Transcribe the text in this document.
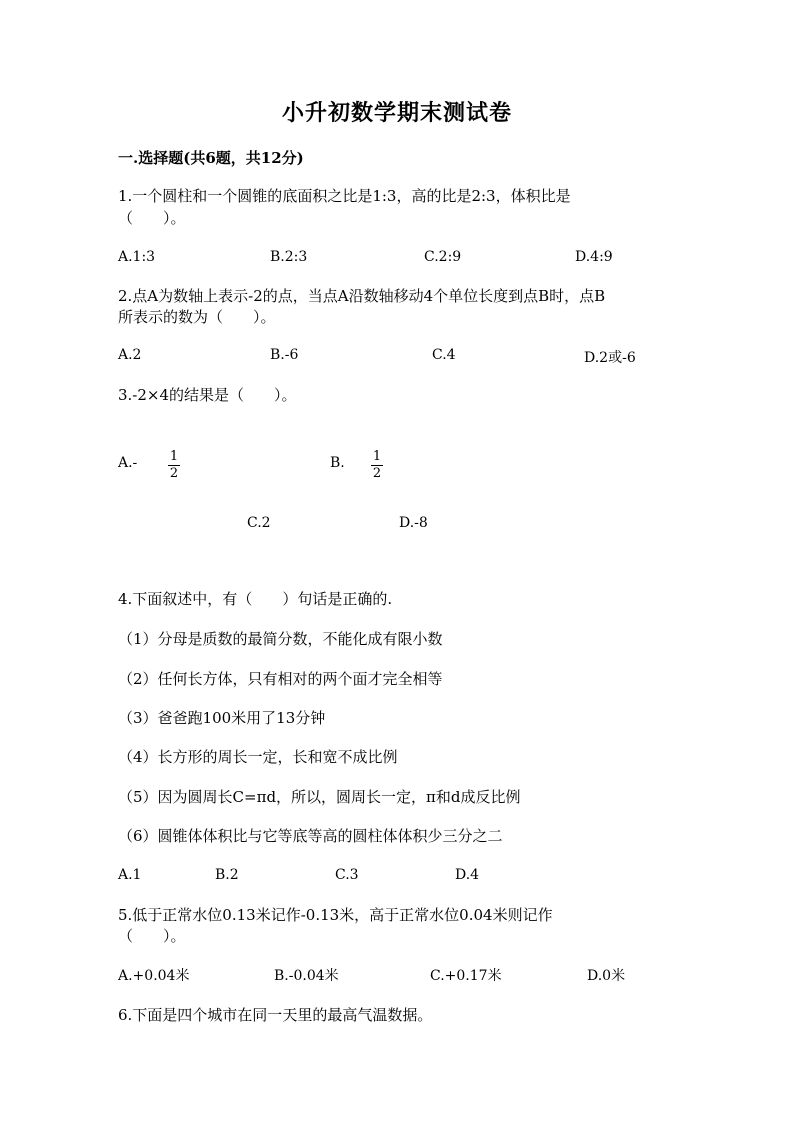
小升初数学期末测试卷
一.选择题(共6题，共12分)
1.一个圆柱和一个圆锥的底面积之比是1:3，高的比是2:3，体积比是
（　　）。
A.1:3	B.2:3	C.2:9	D.4:9
2.点A为数轴上表示-2的点，当点A沿数轴移动4个单位长度到点B时，点B
所表示的数为（　　）。
A.2	B.-6	C.4	D.2或-6
3.-2×4的结果是（　　）。
A.-	1
2
B. 1
2
C.2	D.-8
4.下面叙述中，有（　　）句话是正确的.
（1）分母是质数的最简分数，不能化成有限小数
（2）任何长方体，只有相对的两个面才完全相等
（3）爸爸跑100米用了13分钟
（4）长方形的周长一定，长和宽不成比例
（5）因为圆周长C=πd，所以，圆周长一定，π和d成反比例
（6）圆锥体体积比与它等底等高的圆柱体体积少三分之二
A.1	B.2	C.3	D.4
5.低于正常水位0.13米记作-0.13米，高于正常水位0.04米则记作
（　　）。
A.+0.04米	B.-0.04米	C.+0.17米	D.0米
6.下面是四个城市在同一天里的最高气温数据。
